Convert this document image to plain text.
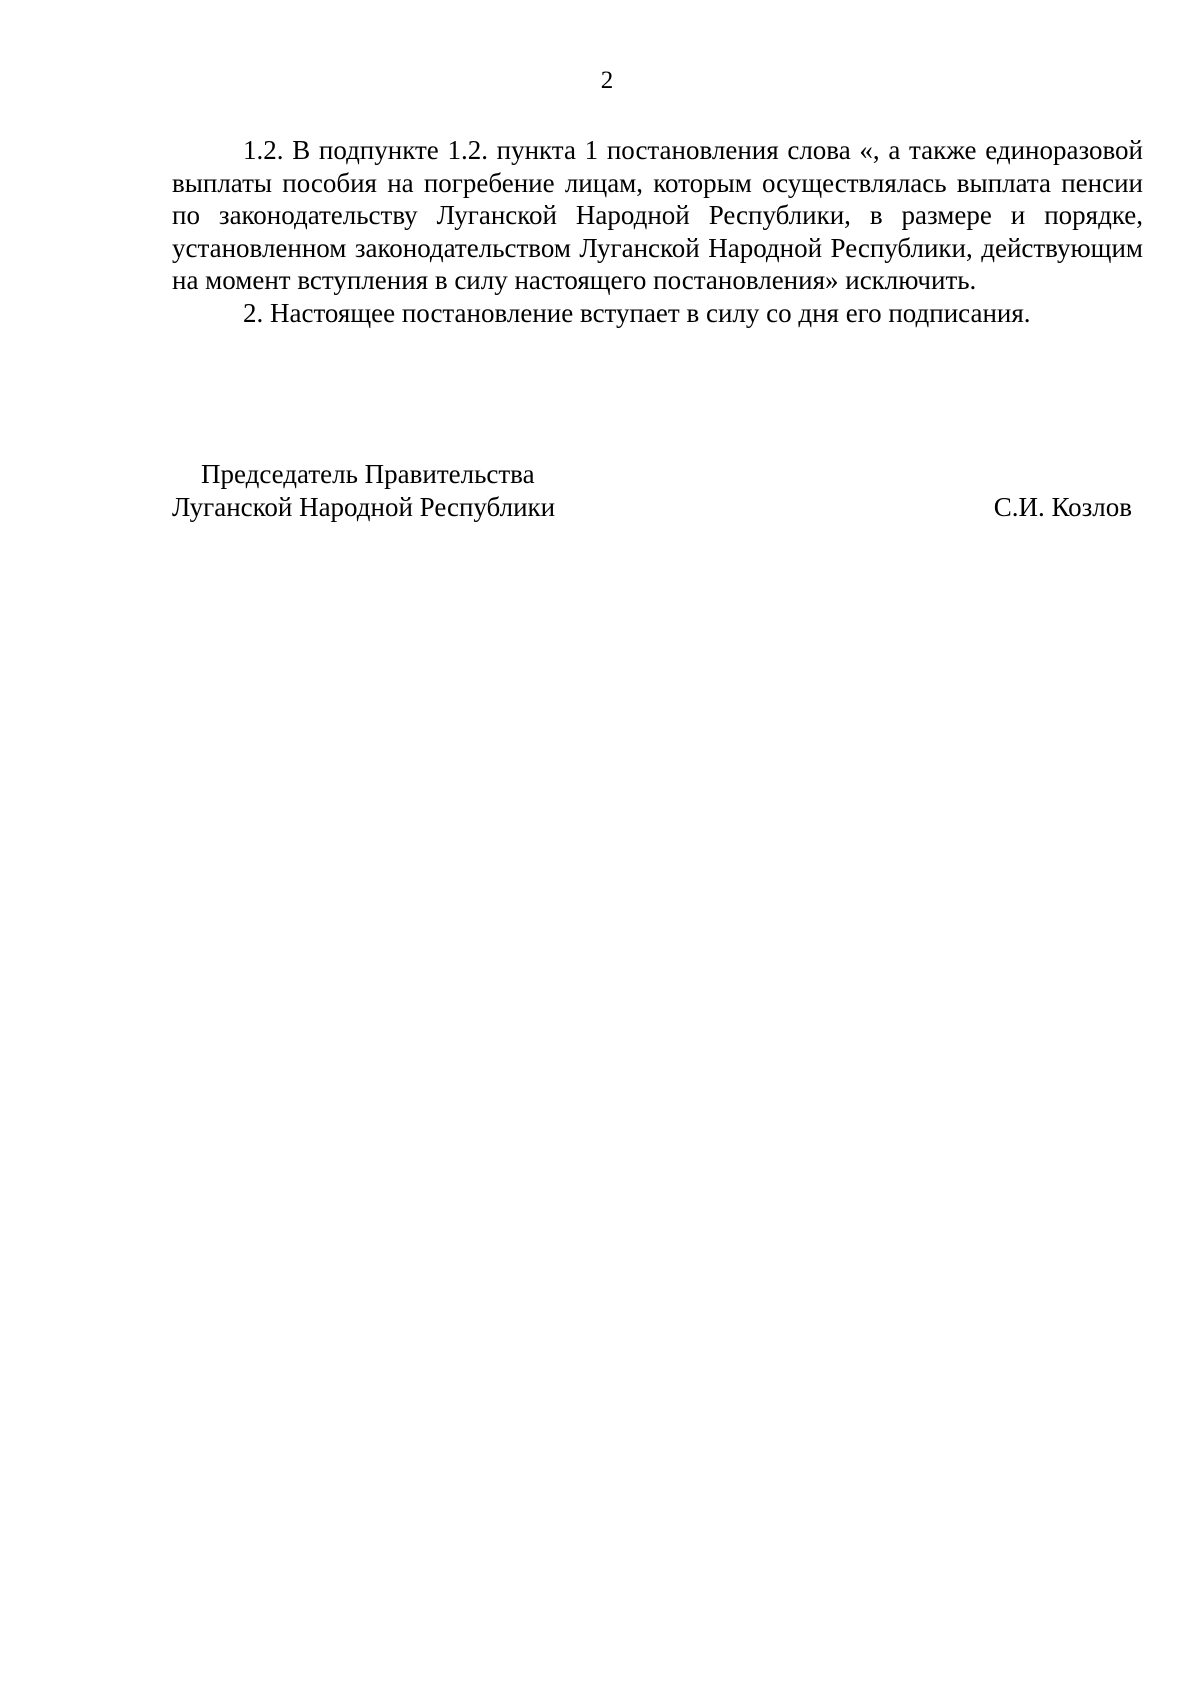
2

1.2. В подпункте 1.2. пункта 1 постановления слова «, а также единоразовой выплаты пособия на погребение лицам, которым осуществлялась выплата пенсии по законодательству Луганской Народной Республики, в размере и порядке, установленном законодательством Луганской Народной Республики, действующим на момент вступления в силу настоящего постановления» исключить.

2. Настоящее постановление вступает в силу со дня его подписания.

Председатель Правительства
Луганской Народной Республики	С.И. Козлов
